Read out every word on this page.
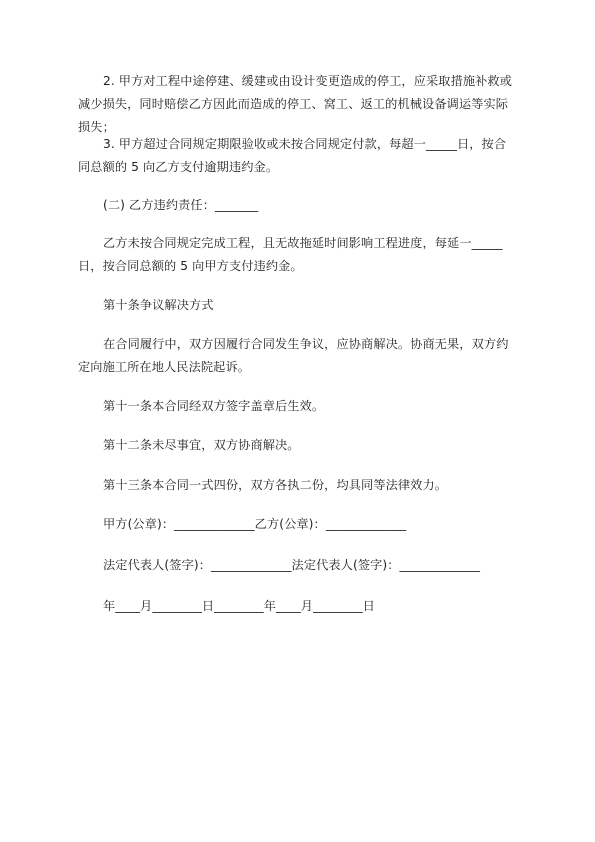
2. 甲方对工程中途停建、缓建或由设计变更造成的停工，应采取措施补救或减少损失，同时赔偿乙方因此而造成的停工、窝工、返工的机械设备调运等实际损失；

3. 甲方超过合同规定期限验收或未按合同规定付款，每超一_____日，按合同总额的 5 向乙方支付逾期违约金。

(二) 乙方违约责任：_______

乙方未按合同规定完成工程，且无故拖延时间影响工程进度，每延一_____日，按合同总额的 5 向甲方支付违约金。

第十条争议解决方式

在合同履行中，双方因履行合同发生争议，应协商解决。协商无果，双方约定向施工所在地人民法院起诉。

第十一条本合同经双方签字盖章后生效。

第十二条未尽事宜，双方协商解决。

第十三条本合同一式四份，双方各执二份，均具同等法律效力。

甲方(公章)：_____________乙方(公章)：_____________

法定代表人(签字)：_____________法定代表人(签字)：_____________

年____月________日________年____月________日
